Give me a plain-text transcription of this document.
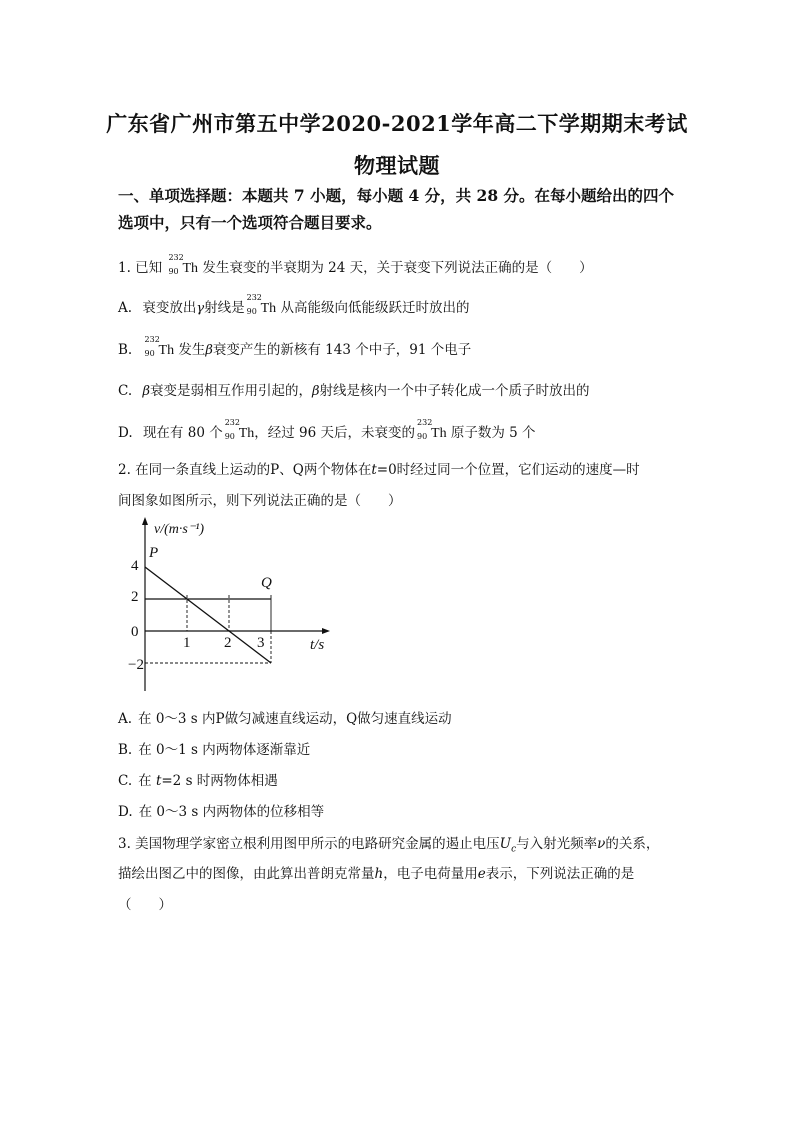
广东省广州市第五中学2020-2021学年高二下学期期末考试
物理试题
一、单项选择题：本题共 7 小题，每小题 4 分，共 28 分。在每小题给出的四个
选项中，只有一个选项符合题目要求。
1. 已知
232
90 Th 发生衰变的半衰期为 24 天，关于衰变下列说法正确的是（　　）
A. 衰变放出γ射线是
232
90 Th 从高能级向低能级跃迁时放出的
B.
232
90 Th 发生β衰变产生的新核有 143 个中子，91 个电子
C. β衰变是弱相互作用引起的，β射线是核内一个中子转化成一个质子时放出的
D. 现在有 80 个
232
90 Th，经过 96 天后，未衰变的
232
90 Th 原子数为 5 个
2. 在同一条直线上运动的P、Q两个物体在t=0时经过同一个位置，它们运动的速度—时
间图象如图所示，则下列说法正确的是（　　）
v/(m·s⁻¹)
t/s
4
2
0
−2
1 2 3
P
Q
A. 在 0～3 s 内P做匀减速直线运动，Q做匀速直线运动
B. 在 0～1 s 内两物体逐渐靠近
C. 在 t=2 s 时两物体相遇
D. 在 0～3 s 内两物体的位移相等
3. 美国物理学家密立根利用图甲所示的电路研究金属的遏止电压$U_c$与入射光频率ν的关系，
描绘出图乙中的图像，由此算出普朗克常量h，电子电荷量用e表示，下列说法正确的是
（　　）
